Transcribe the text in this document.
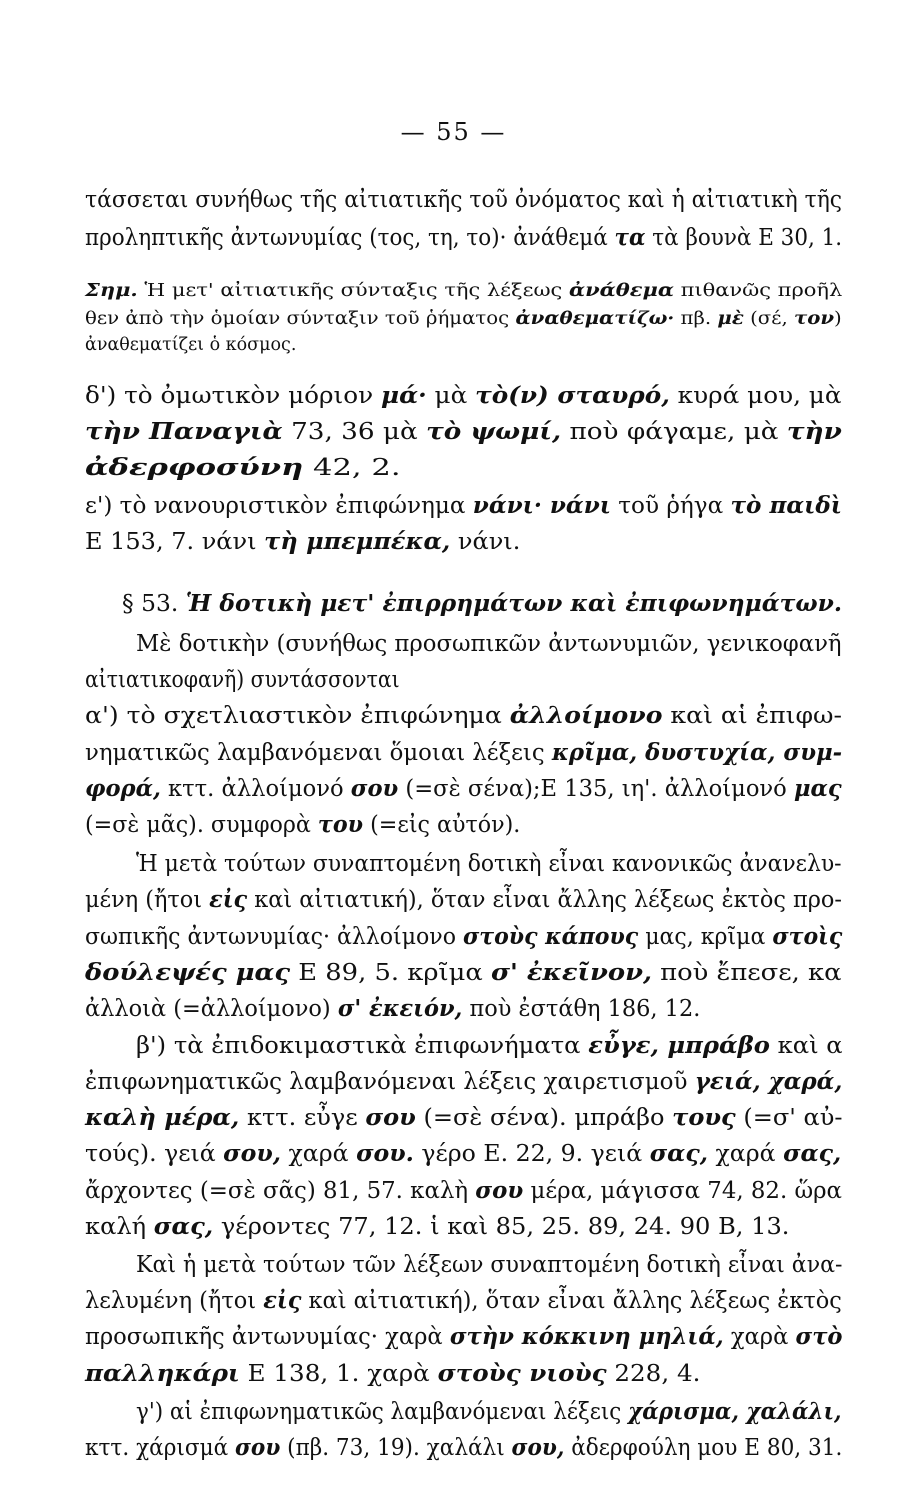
— 55 —
τάσσεται συνήθως τῆς αἰτιατικῆς τοῦ ὀνόματος καὶ ἡ αἰτιατικὴ τῆς
προληπτικῆς ἀντωνυμίας (τος, τη, το)· ἀνάθεμά τα τὰ βουνὰ Ε 30, 1.
Σημ. Ἡ μετ' αἰτιατικῆς σύνταξις τῆς λέξεως ἀνάθεμα πιθανῶς προῆλ
θεν ἀπὸ τὴν ὁμοίαν σύνταξιν τοῦ ῥήματος ἀναθεματίζω· πβ. μὲ (σέ, τον)
ἀναθεματίζει ὁ κόσμος.
δ') τὸ ὀμωτικὸν μόριον μά· μὰ τὸ(ν) σταυρό, κυρά μου, μὰ
τὴν Παναγιὰ 73, 36 μὰ τὸ ψωμί, ποὺ φάγαμε, μὰ τὴν
ἀδερφοσύνη 42, 2.
ε') τὸ νανουριστικὸν ἐπιφώνημα νάνι· νάνι τοῦ ῥήγα τὸ παιδὶ
Ε 153, 7. νάνι τὴ μπεμπέκα, νάνι.
§ 53. Ἡ δοτικὴ μετ' ἐπιρρημάτων καὶ ἐπιφωνημάτων.
Μὲ δοτικὴν (συνήθως προσωπικῶν ἀντωνυμιῶν, γενικοφανῆ
αἰτιατικοφανῆ) συντάσσονται
α') τὸ σχετλιαστικὸν ἐπιφώνημα ἀλλοίμονο καὶ αἱ ἐπιφω-
νηματικῶς λαμβανόμεναι ὅμοιαι λέξεις κρῖμα, δυστυχία, συμ-
φορά, κττ. ἀλλοίμονό σου (=σὲ σένα);Ε 135, ιη'. ἀλλοίμονό μας
(=σὲ μᾶς). συμφορὰ του (=εἰς αὐτόν).
Ἡ μετὰ τούτων συναπτομένη δοτικὴ εἶναι κανονικῶς ἀνανελυ-
μένη (ἤτοι εἰς καὶ αἰτιατική), ὅταν εἶναι ἄλλης λέξεως ἐκτὸς προ-
σωπικῆς ἀντωνυμίας· ἀλλοίμονο στοὺς κάπους μας, κρῖμα στοὶς
δούλεψές μας Ε 89, 5. κρῖμα σ' ἐκεῖνον, ποὺ ἔπεσε, κα
ἀλλοιὰ (=ἀλλοίμονο) σ' ἐκειόν, ποὺ ἐστάθη 186, 12.
β') τὰ ἐπιδοκιμαστικὰ ἐπιφωνήματα εὖγε, μπράβο καὶ α
ἐπιφωνηματικῶς λαμβανόμεναι λέξεις χαιρετισμοῦ γειά, χαρά,
καλὴ μέρα, κττ. εὖγε σου (=σὲ σένα). μπράβο τους (=σ' αὐ-
τούς). γειά σου, χαρά σου. γέρο Ε. 22, 9. γειά σας, χαρά σας,
ἄρχοντες (=σὲ σᾶς) 81, 57. καλὴ σου μέρα, μάγισσα 74, 82. ὥρα
καλή σας, γέροντες 77, 12. ἱ καὶ 85, 25. 89, 24. 90 Β, 13.
Καὶ ἡ μετὰ τούτων τῶν λέξεων συναπτομένη δοτικὴ εἶναι ἀνα-
λελυμένη (ἤτοι εἰς καὶ αἰτιατική), ὅταν εἶναι ἄλλης λέξεως ἐκτὸς
προσωπικῆς ἀντωνυμίας· χαρὰ στὴν κόκκινη μηλιά, χαρὰ στὸ
παλληκάρι Ε 138, 1. χαρὰ στοὺς νιοὺς 228, 4.
γ') αἱ ἐπιφωνηματικῶς λαμβανόμεναι λέξεις χάρισμα, χαλάλι,
κττ. χάρισμά σου (πβ. 73, 19). χαλάλι σου, ἀδερφούλη μου Ε 80, 31.
